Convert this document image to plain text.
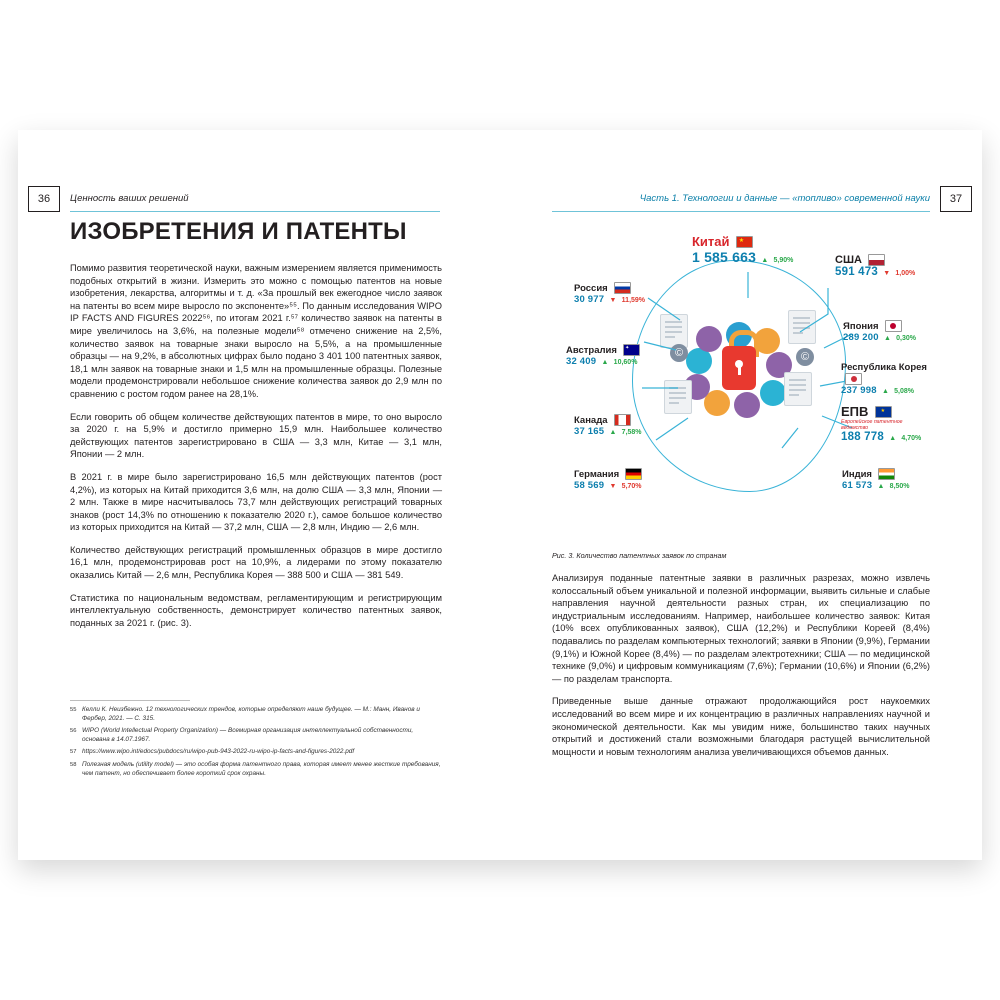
36	Ценность ваших решений
ИЗОБРЕТЕНИЯ И ПАТЕНТЫ

Помимо развития теоретической науки, важным измерением является применимость подобных открытий в жизни. Измерить это можно с помощью патентов на новые изобретения, лекарства, алгоритмы и т. д. «За прошлый век ежегодное число заявок на патенты во всем мире выросло по экспоненте»⁵⁵. По данным исследования WIPO IP FACTS AND FIGURES 2022⁵⁶, по итогам 2021 г.⁵⁷ количество заявок на патенты в мире увеличилось на 3,6%, на полезные модели⁵⁸ отмечено снижение на 2,5%, количество заявок на товарные знаки выросло на 5,5%, а на промышленные образцы — на 9,2%, в абсолютных цифрах было подано 3 401 100 патентных заявок, 18,1 млн заявок на товарные знаки и 1,5 млн на промышленные образцы. Полезные модели продемонстрировали небольшое снижение количества заявок до 2,9 млн по сравнению с ростом годом ранее на 28,1%.

Если говорить об общем количестве действующих патентов в мире, то оно выросло за 2020 г. на 5,9% и достигло примерно 15,9 млн. Наибольшее количество действующих патентов зарегистрировано в США — 3,3 млн, Китае — 3,1 млн, Японии — 2 млн.

В 2021 г. в мире было зарегистрировано 16,5 млн действующих патентов (рост 4,2%), из которых на Китай приходится 3,6 млн, на долю США — 3,3 млн, Японии — 2 млн. Также в мире насчитывалось 73,7 млн действующих регистраций товарных знаков (рост 14,3% по отношению к показателю 2020 г.), самое большое количество из которых приходится на Китай — 37,2 млн, США — 2,8 млн, Индию — 2,6 млн.

Количество действующих регистраций промышленных образцов в мире достигло 16,1 млн, продемонстрировав рост на 10,9%, а лидерами по этому показателю оказались Китай — 2,6 млн, Республика Корея — 388 500 и США — 381 549.

Статистика по национальным ведомствам, регламентирующим и регистрирующим интеллектуальную собственность, демонстрирует количество патентных заявок, поданных за 2021 г. (рис. 3).

55 Келли К. Неизбежно. 12 технологических трендов, которые определяют наше будущее. — М.: Манн, Иванов и Фербер, 2021. — С. 315.
56 WIPO (World Intellectual Property Organization) — Всемирная организация интеллектуальной собственности, основана в 14.07.1967.
57 https://www.wipo.int/edocs/pubdocs/ru/wipo-pub-943-2022-ru-wipo-ip-facts-and-figures-2022.pdf
58 Полезная модель (utility model) — это особая форма патентного права, которая имеет менее жесткие требования, чем патент, но обеспечивает более короткий срок охраны.
37
Часть 1. Технологии и данные — «топливо» современной науки
©	©
Китай ★

1 585 663 ▲ 5,90%	США
591 473 ▼ 1,00%
Япония

289 200 ▲ 0,30%
Республика Корея

237 998 ▲ 5,08%
ЕПВ ★
Европейское патентное ведомство
188 778 ▲ 4,70%
Индия
61 573 ▲ 8,50%
Германия
58 569 ▼ 5,70%
Канада
37 165 ▲ 7,58%
Австралия ✦

32 409 ▲ 10,60%
Россия
30 977 ▼ 11,59%
Рис. 3. Количество патентных заявок по странам

Анализируя поданные патентные заявки в различных разрезах, можно извлечь колоссальный объем уникальной и полезной информации, выявить сильные и слабые направления научной деятельности разных стран, их специализацию по индустриальным исследованиям. Например, наибольшее количество заявок: Китая (10% всех опубликованных заявок), США (12,2%) и Республики Кореей (8,4%) подавались по разделам компьютерных технологий; заявки в Японии (9,9%), Германии (9,1%) и Южной Корее (8,4%) — по разделам электротехники; США — по медицинской технике (9,0%) и цифровым коммуникациям (7,6%); Германии (10,6%) и Японии (6,2%) — по разделам транспорта.

Приведенные выше данные отражают продолжающийся рост наукоемких исследований во всем мире и их концентрацию в различных направлениях научной и экономической деятельности. Как мы увидим ниже, большинство таких научных открытий и достижений стали возможными благодаря растущей вычислительной мощности и новым технологиям анализа увеличивающихся объемов данных.
